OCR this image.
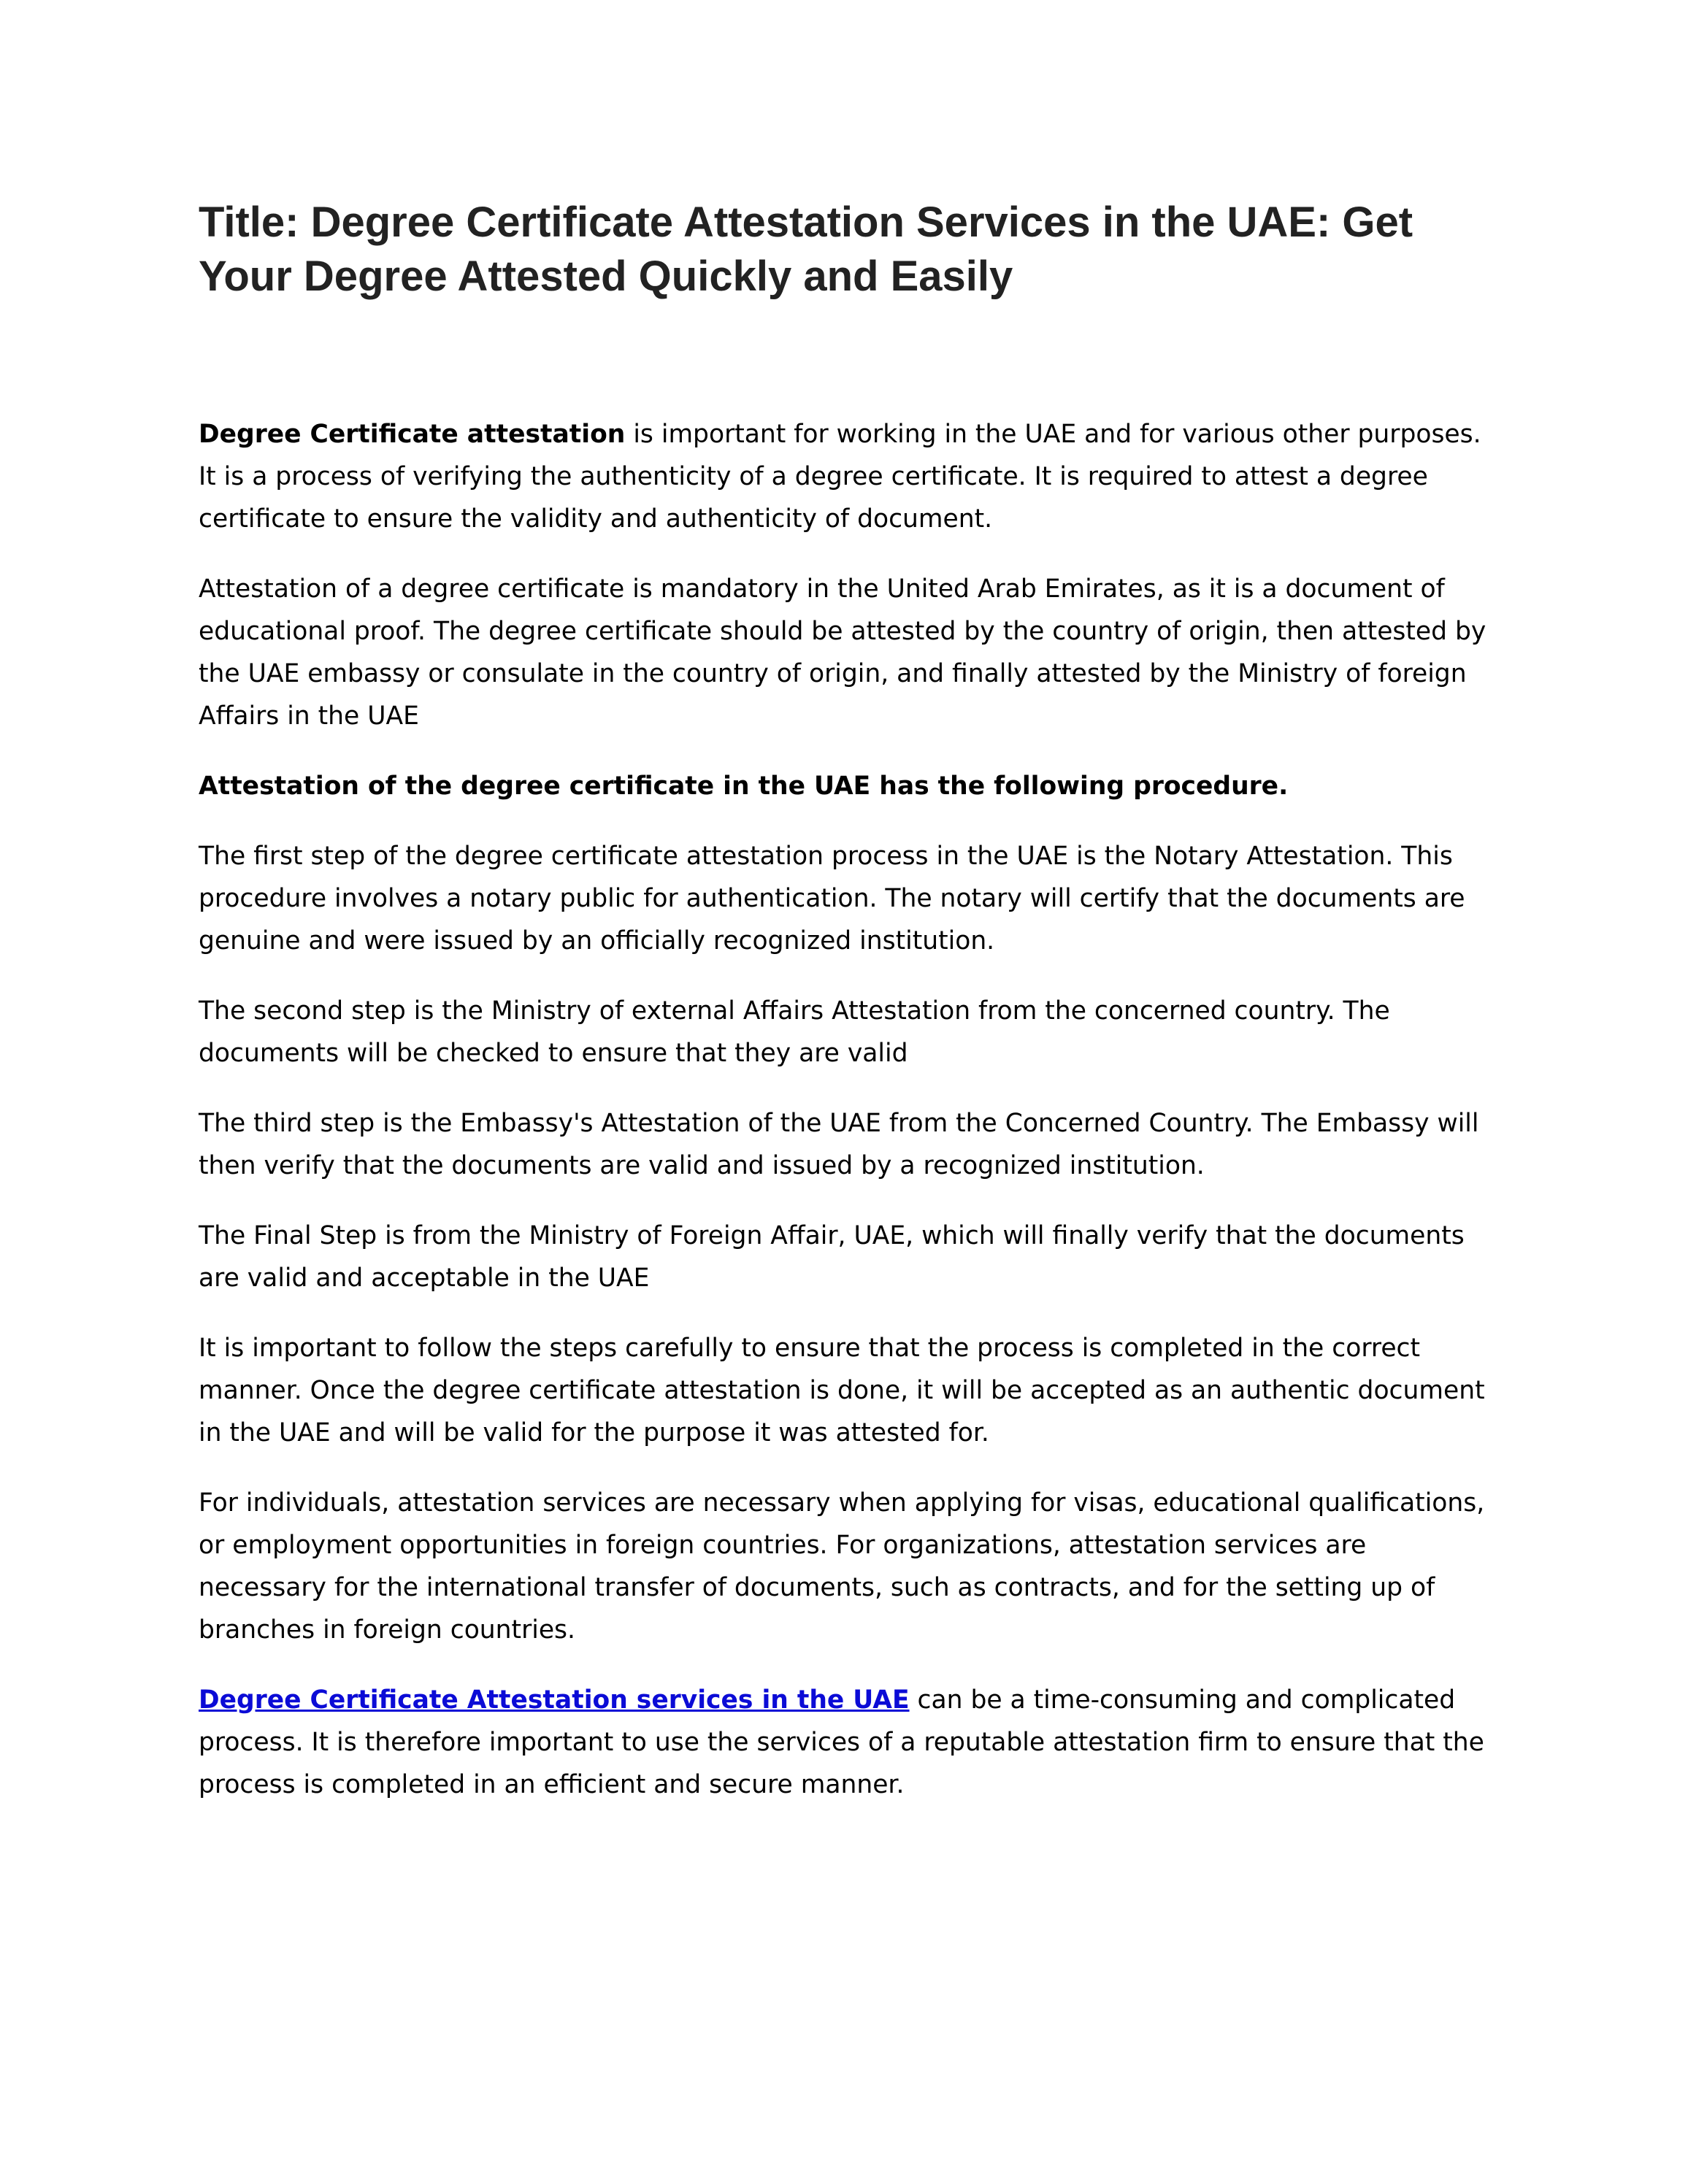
Title: Degree Certificate Attestation Services in the UAE: Get Your Degree Attested Quickly and Easily

Degree Certificate attestation is important for working in the UAE and for various other purposes. It is a process of verifying the authenticity of a degree certificate. It is required to attest a degree certificate to ensure the validity and authenticity of document.

Attestation of a degree certificate is mandatory in the United Arab Emirates, as it is a document of educational proof. The degree certificate should be attested by the country of origin, then attested by the UAE embassy or consulate in the country of origin, and finally attested by the Ministry of foreign Affairs in the UAE

Attestation of the degree certificate in the UAE has the following procedure.

The first step of the degree certificate attestation process in the UAE is the Notary Attestation. This procedure involves a notary public for authentication. The notary will certify that the documents are genuine and were issued by an officially recognized institution.

The second step is the Ministry of external Affairs Attestation from the concerned country. The documents will be checked to ensure that they are valid

The third step is the Embassy's Attestation of the UAE from the Concerned Country. The Embassy will then verify that the documents are valid and issued by a recognized institution.

The Final Step is from the Ministry of Foreign Affair, UAE, which will finally verify that the documents are valid and acceptable in the UAE

It is important to follow the steps carefully to ensure that the process is completed in the correct manner. Once the degree certificate attestation is done, it will be accepted as an authentic document in the UAE and will be valid for the purpose it was attested for.

For individuals, attestation services are necessary when applying for visas, educational qualifications, or employment opportunities in foreign countries. For organizations, attestation services are necessary for the international transfer of documents, such as contracts, and for the setting up of branches in foreign countries.

Degree Certificate Attestation services in the UAE can be a time-consuming and complicated process. It is therefore important to use the services of a reputable attestation firm to ensure that the process is completed in an efficient and secure manner.
